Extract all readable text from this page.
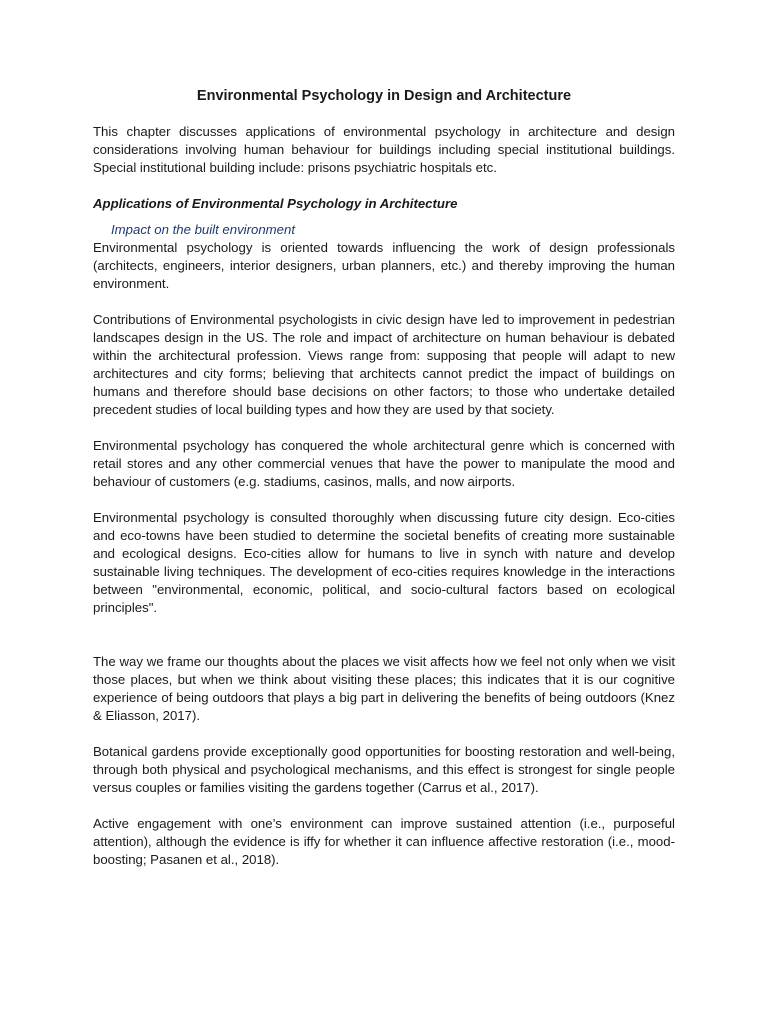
Environmental Psychology in Design and Architecture

This chapter discusses applications of environmental psychology in architecture and design considerations involving human behaviour for buildings including special institutional buildings. Special institutional building include: prisons psychiatric hospitals etc.

Applications of Environmental Psychology in Architecture
Impact on the built environment

Environmental psychology is oriented towards influencing the work of design professionals (architects, engineers, interior designers, urban planners, etc.) and thereby improving the human environment.

Contributions of Environmental psychologists in civic design have led to improvement in pedestrian landscapes design in the US. The role and impact of architecture on human behaviour is debated within the architectural profession. Views range from: supposing that people will adapt to new architectures and city forms; believing that architects cannot predict the impact of buildings on humans and therefore should base decisions on other factors; to those who undertake detailed precedent studies of local building types and how they are used by that society.

Environmental psychology has conquered the whole architectural genre which is concerned with retail stores and any other commercial venues that have the power to manipulate the mood and behaviour of customers (e.g. stadiums, casinos, malls, and now airports.

Environmental psychology is consulted thoroughly when discussing future city design. Eco-cities and eco-towns have been studied to determine the societal benefits of creating more sustainable and ecological designs. Eco-cities allow for humans to live in synch with nature and develop sustainable living techniques. The development of eco-cities requires knowledge in the interactions between "environmental, economic, political, and socio-cultural factors based on ecological principles".

The way we frame our thoughts about the places we visit affects how we feel not only when we visit those places, but when we think about visiting these places; this indicates that it is our cognitive experience of being outdoors that plays a big part in delivering the benefits of being outdoors (Knez & Eliasson, 2017).

Botanical gardens provide exceptionally good opportunities for boosting restoration and well-being, through both physical and psychological mechanisms, and this effect is strongest for single people versus couples or families visiting the gardens together (Carrus et al., 2017).

Active engagement with one’s environment can improve sustained attention (i.e., purposeful attention), although the evidence is iffy for whether it can influence affective restoration (i.e., mood-boosting; Pasanen et al., 2018).
